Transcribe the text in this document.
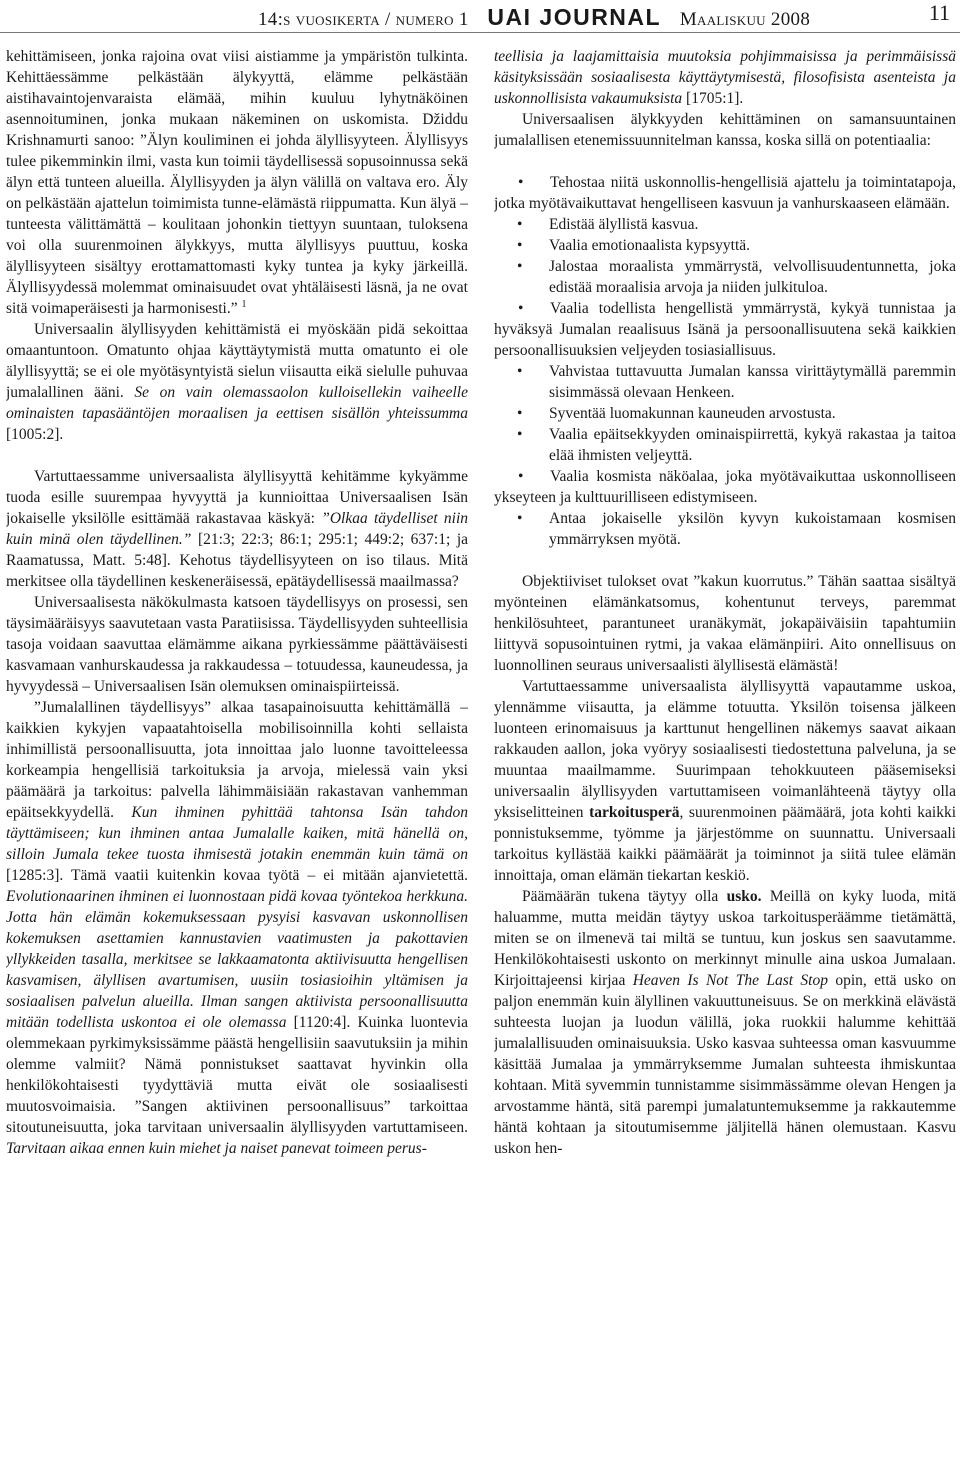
14:s vuosikerta / numero 1 UAI JOURNAL Maaliskuu 2008	11

kehittämiseen, jonka rajoina ovat viisi aistiamme ja ympäristön tulkinta. Kehittäessämme pelkästään älykyyttä, elämme pelkästään aistihavaintojenvaraista elämää, mihin kuuluu lyhytnäköinen asennoituminen, jonka mukaan näkeminen on uskomista. Džiddu Krishnamurti sanoo: ”Älyn kouliminen ei johda älyllisyyteen. Älyllisyys tulee pikemminkin ilmi, vasta kun toimii täydellisessä sopusoinnussa sekä älyn että tunteen alueilla. Älyllisyyden ja älyn välillä on valtava ero. Äly on pelkästään ajattelun toimimista tunne-elämästä riippumatta. Kun älyä – tunteesta välittämättä – koulitaan johonkin tiettyyn suuntaan, tuloksena voi olla suurenmoinen älykkyys, mutta älyllisyys puuttuu, koska älyllisyyteen sisältyy erottamattomasti kyky tuntea ja kyky järkeillä. Älyllisyydessä molemmat ominaisuudet ovat yhtäläisesti läsnä, ja ne ovat sitä voimaperäisesti ja harmonisesti.” $^1$

Universaalin älyllisyyden kehittämistä ei myöskään pidä sekoittaa omaantuntoon. Omatunto ohjaa käyttäytymistä mutta omatunto ei ole älyllisyyttä; se ei ole myötäsyntyistä sielun viisautta eikä sielulle puhuvaa jumalallinen ääni. Se on vain olemassaolon kulloisellekin vaiheelle ominaisten tapasääntöjen moraalisen ja eettisen sisällön yhteissumma [1005:2].

Vartuttaessamme universaalista älyllisyyttä kehitämme kykyämme tuoda esille suurempaa hyvyyttä ja kunnioittaa Universaalisen Isän jokaiselle yksilölle esittämää rakastavaa käskyä: ”Olkaa täydelliset niin kuin minä olen täydellinen.” [21:3; 22:3; 86:1; 295:1; 449:2; 637:1; ja Raamatussa, Matt. 5:48]. Kehotus täydellisyyteen on iso tilaus. Mitä merkitsee olla täydellinen keskeneräisessä, epätäydellisessä maailmassa?

Universaalisesta näkökulmasta katsoen täydellisyys on prosessi, sen täysimääräisyys saavutetaan vasta Paratiisissa. Täydellisyyden suhteellisia tasoja voidaan saavuttaa elämämme aikana pyrkiessämme päättäväisesti kasvamaan vanhurskaudessa ja rakkaudessa – totuudessa, kauneudessa, ja hyvyydessä – Universaalisen Isän olemuksen ominaispiirteissä.

”Jumalallinen täydellisyys” alkaa tasapainoisuutta kehittämällä – kaikkien kykyjen vapaatahtoisella mobilisoinnilla kohti sellaista inhimillistä persoonallisuutta, jota innoittaa jalo luonne tavoitteleessa korkeampia hengellisiä tarkoituksia ja arvoja, mielessä vain yksi päämäärä ja tarkoitus: palvella lähimmäisiään rakastavan vanhemman epäitsekkyydellä. Kun ihminen pyhittää tahtonsa Isän tahdon täyttämiseen; kun ihminen antaa Jumalalle kaiken, mitä hänellä on, silloin Jumala tekee tuosta ihmisestä jotakin enemmän kuin tämä on [1285:3]. Tämä vaatii kuitenkin kovaa työtä – ei mitään ajanvietettä. Evolutionaarinen ihminen ei luonnostaan pidä kovaa työntekoa herkkuna. Jotta hän elämän kokemuksessaan pysyisi kasvavan uskonnollisen kokemuksen asettamien kannustavien vaatimusten ja pakottavien yllykkeiden tasalla, merkitsee se lakkaamatonta aktiivisuutta hengellisen kasvamisen, älyllisen avartumisen, uusiin tosiasioihin yltämisen ja sosiaalisen palvelun alueilla. Ilman sangen aktiivista persoonallisuutta mitään todellista uskontoa ei ole olemassa [1120:4]. Kuinka luontevia olemmekaan pyrkimyksissämme päästä hengellisiin saavutuksiin ja mihin olemme valmiit? Nämä ponnistukset saattavat hyvinkin olla henkilökohtaisesti tyydyttäviä mutta eivät ole sosiaalisesti muutosvoimaisia. ”Sangen aktiivinen persoonallisuus” tarkoittaa sitoutuneisuutta, joka tarvitaan universaalin älyllisyyden vartuttamiseen. Tarvitaan aikaa ennen kuin miehet ja naiset panevat toimeen perus-

teellisia ja laajamittaisia muutoksia pohjimmaisissa ja perimmäisissä käsityksissään sosiaalisesta käyttäytymisestä, filosofisista asenteista ja uskonnollisista vakaumuksista [1705:1].

Universaalisen älykkyyden kehittäminen on samansuuntainen jumalallisen etenemissuunnitelman kanssa, koska sillä on potentiaalia:

• Tehostaa niitä uskonnollis-hengellisiä ajattelu ja toimintatapoja, jotka myötävaikuttavat hengelliseen kasvuun ja vanhurskaaseen elämään.
• Edistää älyllistä kasvua.
• Vaalia emotionaalista kypsyyttä.
• Jalostaa moraalista ymmärrystä, velvollisuudentunnetta, joka edistää moraalisia arvoja ja niiden julkituloa.
• Vaalia todellista hengellistä ymmärrystä, kykyä tunnistaa ja hyväksyä Jumalan reaalisuus Isänä ja persoonallisuutena sekä kaikkien persoonallisuuksien veljeyden tosiasiallisuus.
• Vahvistaa tuttavuutta Jumalan kanssa virittäytymällä paremmin sisimmässä olevaan Henkeen.
• Syventää luomakunnan kauneuden arvostusta.
• Vaalia epäitsekkyyden ominaispiirrettä, kykyä rakastaa ja taitoa elää ihmisten veljeyttä.
• Vaalia kosmista näköalaa, joka myötävaikuttaa uskonnolliseen ykseyteen ja kulttuurilliseen edistymiseen.
• Antaa jokaiselle yksilön kyvyn kukoistamaan kosmisen ymmärryksen myötä.

Objektiiviset tulokset ovat ”kakun kuorrutus.” Tähän saattaa sisältyä myönteinen elämänkatsomus, kohentunut terveys, paremmat henkilösuhteet, parantuneet uranäkymät, jokapäiväisiin tapahtumiin liittyvä sopusointuinen rytmi, ja vakaa elämänpiiri. Aito onnellisuus on luonnollinen seuraus universaalisti älyllisestä elämästä!

Vartuttaessamme universaalista älyllisyyttä vapautamme uskoa, ylennämme viisautta, ja elämme totuutta. Yksilön toisensa jälkeen luonteen erinomaisuus ja karttunut hengellinen näkemys saavat aikaan rakkauden aallon, joka vyöryy sosiaalisesti tiedostettuna palveluna, ja se muuntaa maailmamme. Suurimpaan tehokkuuteen pääsemiseksi universaalin älyllisyyden vartuttamiseen voimanlähteenä täytyy olla yksiselitteinen tarkoitusperä, suurenmoinen päämäärä, jota kohti kaikki ponnistuksemme, työmme ja järjestömme on suunnattu. Universaali tarkoitus kyllästää kaikki päämäärät ja toiminnot ja siitä tulee elämän innoittaja, oman elämän tiekartan keskiö.

Päämäärän tukena täytyy olla usko. Meillä on kyky luoda, mitä haluamme, mutta meidän täytyy uskoa tarkoitusperäämme tietämättä, miten se on ilmenevä tai miltä se tuntuu, kun joskus sen saavutamme. Henkilökohtaisesti uskonto on merkinnyt minulle aina uskoa Jumalaan. Kirjoittajeensi kirjaa Heaven Is Not The Last Stop opin, että usko on paljon enemmän kuin älyllinen vakuuttuneisuus. Se on merkkinä elävästä suhteesta luojan ja luodun välillä, joka ruokkii halumme kehittää jumalallisuuden ominaisuuksia. Usko kasvaa suhteessa oman kasvuumme käsittää Jumalaa ja ymmärryksemme Jumalan suhteesta ihmiskuntaa kohtaan. Mitä syvemmin tunnistamme sisimmässämme olevan Hengen ja arvostamme häntä, sitä parempi jumalatuntemuksemme ja rakkautemme häntä kohtaan ja sitoutumisemme jäljitellä hänen olemustaan. Kasvu uskon hen-
